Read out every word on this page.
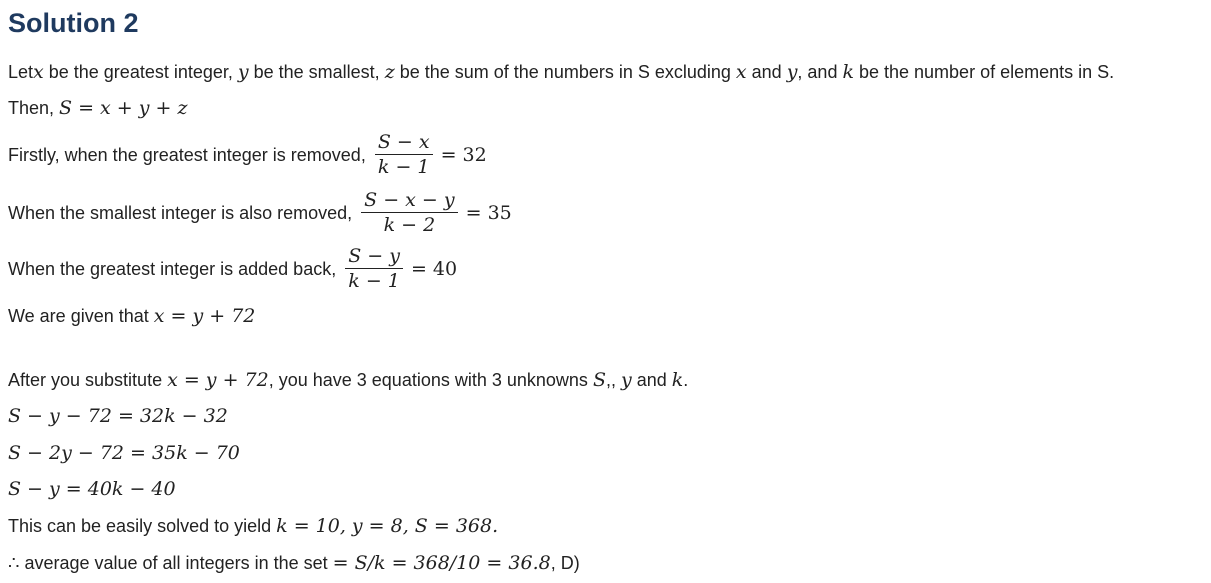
Solution 2
Let x be the greatest integer, y be the smallest, z be the sum of the numbers in S excluding x and y , and k be the number of elements in S.
Then, S = x + y + z
Firstly, when the greatest integer is removed, $\frac{S - x}{k - 1} = 32$
When the smallest integer is also removed, $\frac{S - x - y}{k - 2} = 35$
When the greatest integer is added back, $\frac{S - y}{k - 1} = 40$
We are given that x = y + 72
After you substitute x = y + 72 , you have 3 equations with 3 unknowns S ,, y and k .
S − y − 72 = 32k − 32
S − 2y − 72 = 35k − 70
S − y = 40k − 40
This can be easily solved to yield k = 10, y = 8, S = 368.
∴ average value of all integers in the set = S/k = 368/10 = 36.8 , D)
